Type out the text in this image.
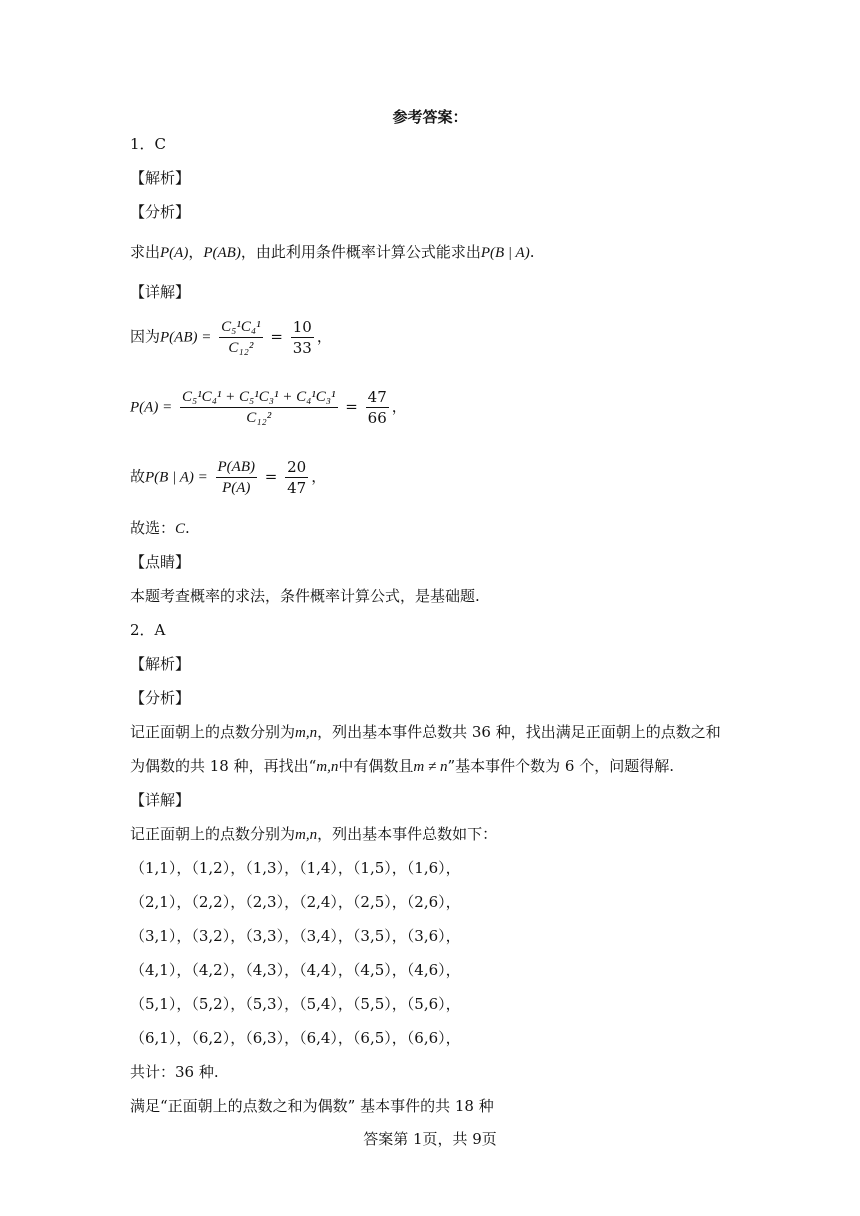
参考答案：
1．C
【解析】
【分析】
求出P(A)，P(AB)，由此利用条件概率计算公式能求出P(B | A).
【详解】
因为$P(AB) = \frac{\text{C₅¹C₄¹}}{\text{C₁₂²}} = \frac{10}{33}$ ，
$P(A) = \frac{\text{C₅¹C₄¹ + C₅¹C₃¹ + C₄¹C₃¹}}{\text{C₁₂²}} = \frac{47}{66}$ ，
故P(B | $A) = \frac{P(AB)}{P(A)} = \frac{20}{47}$ ，
故选：C.
【点睛】
本题考查概率的求法，条件概率计算公式，是基础题.
2．A
【解析】
【分析】
记正面朝上的点数分别为m,n，列出基本事件总数共 36 种，找出满足正面朝上的点数之和
为偶数的共 18 种，再找出“m,n中有偶数且m ≠ n”基本事件个数为 6 个，问题得解.
【详解】
记正面朝上的点数分别为m,n，列出基本事件总数如下：
（1,1），（1,2），（1,3），（1,4），（1,5），（1,6），
（2,1），（2,2），（2,3），（2,4），（2,5），（2,6），
（3,1），（3,2），（3,3），（3,4），（3,5），（3,6），
（4,1），（4,2），（4,3），（4,4），（4,5），（4,6），
（5,1），（5,2），（5,3），（5,4），（5,5），（5,6），
（6,1），（6,2），（6,3），（6,4），（6,5），（6,6），
共计：36 种.
满足“正面朝上的点数之和为偶数” 基本事件的共 18 种
答案第 1页，共 9页
